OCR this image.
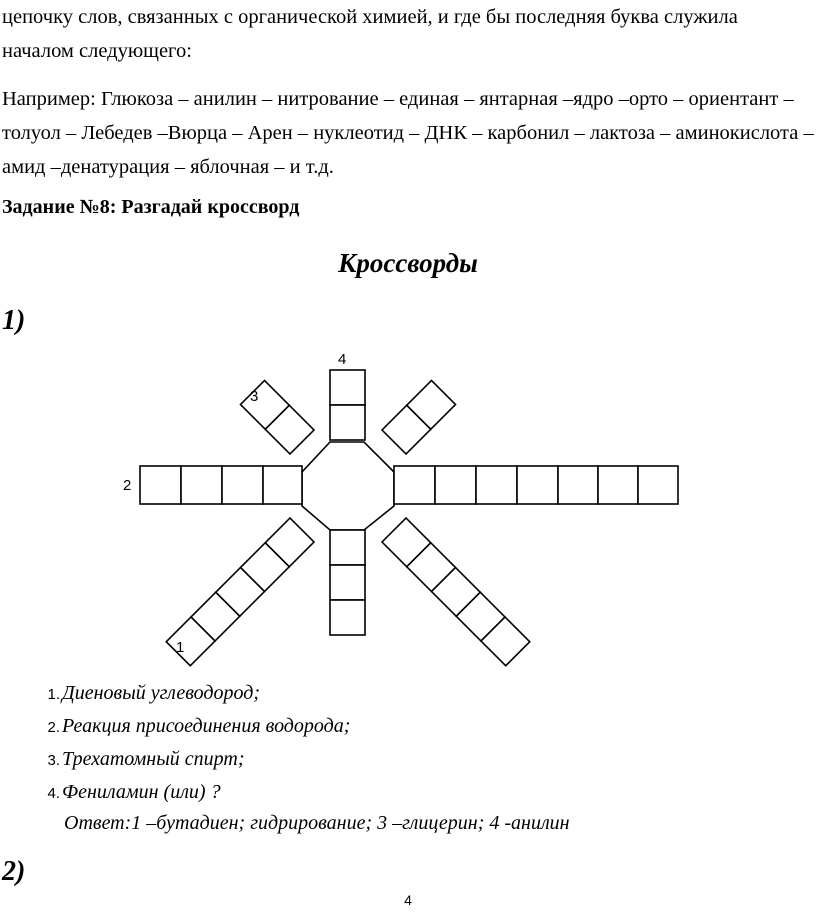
цепочку слов, связанных с органической химией, и где бы последняя буква служила началом следующего:
Например: Глюкоза – анилин – нитрование – единая – янтарная –ядро –орто – ориентант – толуол – Лебедев –Вюрца – Арен – нуклеотид – ДНК – карбонил – лактоза – аминокислота – амид –денатурация – яблочная – и т.д.
Задание №8: Разгадай кроссворд
Кроссворды
1)
4
3
2
1
1. Диеновый углеводород;
2. Реакция присоединения водорода;
3. Трехатомный спирт;
4. Фениламин (или) ?
Ответ:1 –бутадиен; гидрирование; 3 –глицерин; 4 -анилин
2)
4
